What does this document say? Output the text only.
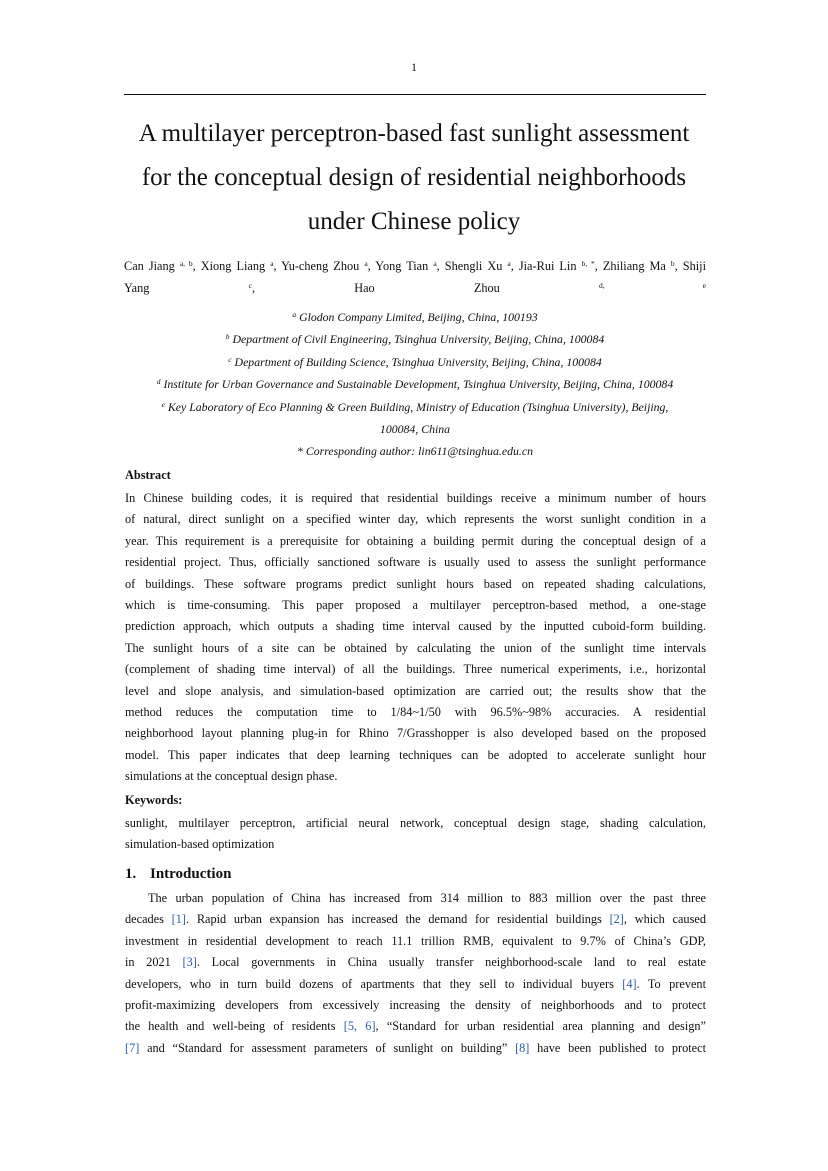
1
A multilayer perceptron-based fast sunlight assessment
for the conceptual design of residential neighborhoods
under Chinese policy
Can Jiang $^{a, b}$, Xiong Liang $^a$, Yu-cheng Zhou $^a$, Yong Tian $^a$, Shengli Xu $^a$, Jia-Rui Lin $^{b, *}$, Zhiliang Ma $^b$, Shiji
Yang	$^c$, Hao Zhou	$^{d, e}$
$^a$ Glodon Company Limited, Beijing, China, 100193
$^b$ Department of Civil Engineering, Tsinghua University, Beijing, China, 100084
$^c$ Department of Building Science, Tsinghua University, Beijing, China, 100084
$^d$ Institute for Urban Governance and Sustainable Development, Tsinghua University, Beijing, China, 100084
$^e$ Key Laboratory of Eco Planning & Green Building, Ministry of Education (Tsinghua University), Beijing,
100084, China
* Corresponding author: lin611@tsinghua.edu.cn
Abstract
In Chinese building codes, it is required that residential buildings receive a minimum number of hours
of natural, direct sunlight on a specified winter day, which represents the worst sunlight condition in a
year. This requirement is a prerequisite for obtaining a building permit during the conceptual design of a
residential project. Thus, officially sanctioned software is usually used to assess the sunlight performance
of buildings. These software programs predict sunlight hours based on repeated shading calculations,
which is time-consuming. This paper proposed a multilayer perceptron-based method, a one-stage
prediction approach, which outputs a shading time interval caused by the inputted cuboid-form building.
The sunlight hours of a site can be obtained by calculating the union of the sunlight time intervals
(complement of shading time interval) of all the buildings. Three numerical experiments, i.e., horizontal
level and slope analysis, and simulation-based optimization are carried out; the results show that the
method reduces the computation time to 1/84~1/50 with 96.5%~98% accuracies. A residential
neighborhood layout planning plug-in for Rhino 7/Grasshopper is also developed based on the proposed
model. This paper indicates that deep learning techniques can be adopted to accelerate sunlight hour
simulations at the conceptual design phase.
Keywords:
sunlight, multilayer perceptron, artificial neural network, conceptual design stage, shading calculation,
simulation-based optimization
1. Introduction
The urban population of China has increased from 314 million to 883 million over the past three
decades [1]. Rapid urban expansion has increased the demand for residential buildings [2], which caused
investment in residential development to reach 11.1 trillion RMB, equivalent to 9.7% of China’s GDP,
in 2021 [3]. Local governments in China usually transfer neighborhood-scale land to real estate
developers, who in turn build dozens of apartments that they sell to individual buyers [4]. To prevent
profit-maximizing developers from excessively increasing the density of neighborhoods and to protect
the health and well-being of residents [5, 6], “Standard for urban residential area planning and design”
[7] and “Standard for assessment parameters of sunlight on building” [8] have been published to protect
